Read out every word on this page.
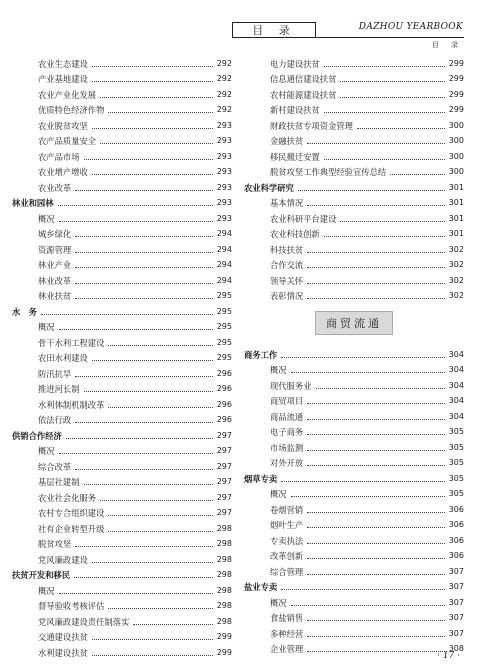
目 录	DAZHOU YEARBOOK
目 录
农业生态建设	292
产业基地建设	292
农业产业化发展	292
优质特色经济作物	292
农业脱贫攻坚	293
农产品质量安全	293
农产品市场	293
农业增产增收	293
农业改革	293
林业和园林	293
概况	293
城乡绿化	294
资源管理	294
林业产业	294
林业改革	294
林业扶贫	295
水　务	295
概况	295
骨干水利工程建设	295
农田水利建设	295
防汛抗旱	296
推进河长制	296
水利体制机制改革	296
依法行政	296
供销合作经济	297
概况	297
综合改革	297
基层社建制	297
农业社会化服务	297
农村专合组织建设	297
社有企业转型升级	298
脱贫攻坚	298
党风廉政建设	298
扶贫开发和移民	298
概况	298
督导验收考核评估	298
党风廉政建设责任制落实	298
交通建设扶贫	299
水利建设扶贫	299
电力建设扶贫	299
信息通信建设扶贫	299
农村能源建设扶贫	299
新村建设扶贫	299
财政扶贫专项资金管理	300
金融扶贫	300
移民搬迁安置	300
脱贫攻坚工作典型经验宣传总结	300
农业科学研究	301
基本情况	301
农业科研平台建设	301
农业科技创新	301
科技扶贫	302
合作交流	302
领导关怀	302
表彰情况	302
商贸流通
商务工作	304
概况	304
现代服务业	304
商贸项目	304
商品流通	304
电子商务	305
市场监测	305
对外开放	305
烟草专卖	305
概况	305
卷烟营销	306
烟叶生产	306
专卖执法	306
改革创新	306
综合管理	307
盐业专卖	307
概况	307
食盐销售	307
多种经营	307
企业管理	308
· 17 ·
